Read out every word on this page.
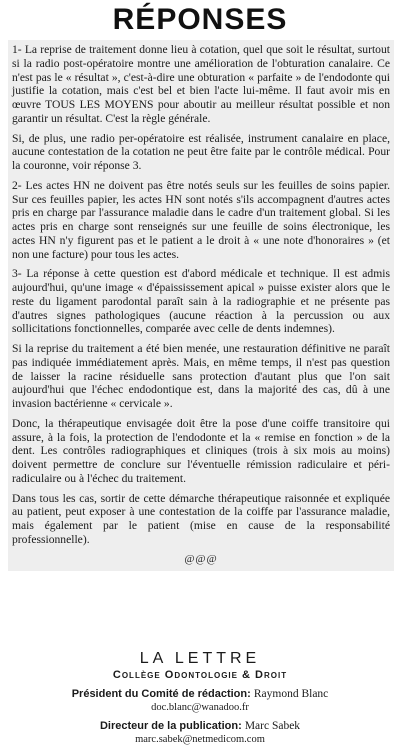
RÉPONSES

1- La reprise de traitement donne lieu à cotation, quel que soit le résultat, surtout si la radio post-opératoire montre une amélioration de l'obturation canalaire. Ce n'est pas le « résultat », c'est-à-dire une obturation « parfaite » de l'endodonte qui justifie la cotation, mais c'est bel et bien l'acte lui-même. Il faut avoir mis en œuvre TOUS LES MOYENS pour aboutir au meilleur résultat possible et non garantir un résultat. C'est la règle générale.

Si, de plus, une radio per-opératoire est réalisée, instrument canalaire en place, aucune contestation de la cotation ne peut être faite par le contrôle médical. Pour la couronne, voir réponse 3.

2- Les actes HN ne doivent pas être notés seuls sur les feuilles de soins papier. Sur ces feuilles papier, les actes HN sont notés s'ils accompagnent d'autres actes pris en charge par l'assurance maladie dans le cadre d'un traitement global. Si les actes pris en charge sont renseignés sur une feuille de soins électronique, les actes HN n'y figurent pas et le patient a le droit à « une note d'honoraires » (et non une facture) pour tous les actes.

3- La réponse à cette question est d'abord médicale et technique. Il est admis aujourd'hui, qu'une image « d'épaississement apical » puisse exister alors que le reste du ligament parodontal paraît sain à la radiographie et ne présente pas d'autres signes pathologiques (aucune réaction à la percussion ou aux sollicitations fonctionnelles, comparée avec celle de dents indemnes).

Si la reprise du traitement a été bien menée, une restauration définitive ne paraît pas indiquée immédiatement après. Mais, en même temps, il n'est pas question de laisser la racine résiduelle sans protection d'autant plus que l'on sait aujourd'hui que l'échec endodontique est, dans la majorité des cas, dû à une invasion bactérienne « cervicale ».

Donc, la thérapeutique envisagée doit être la pose d'une coiffe transitoire qui assure, à la fois, la protection de l'endodonte et la « remise en fonction » de la dent. Les contrôles radiographiques et cliniques (trois à six mois au moins) doivent permettre de conclure sur l'éventuelle rémission radiculaire et péri-radiculaire ou à l'échec du traitement.

Dans tous les cas, sortir de cette démarche thérapeutique raisonnée et expliquée au patient, peut exposer à une contestation de la coiffe par l'assurance maladie, mais également par le patient (mise en cause de la responsabilité professionnelle).

@@@
LA LETTRE
Collège Odontologie & Droit
Président du Comité de rédaction: Raymond Blanc
doc.blanc@wanadoo.fr
Directeur de la publication: Marc Sabek
marc.sabek@netmedicom.com
